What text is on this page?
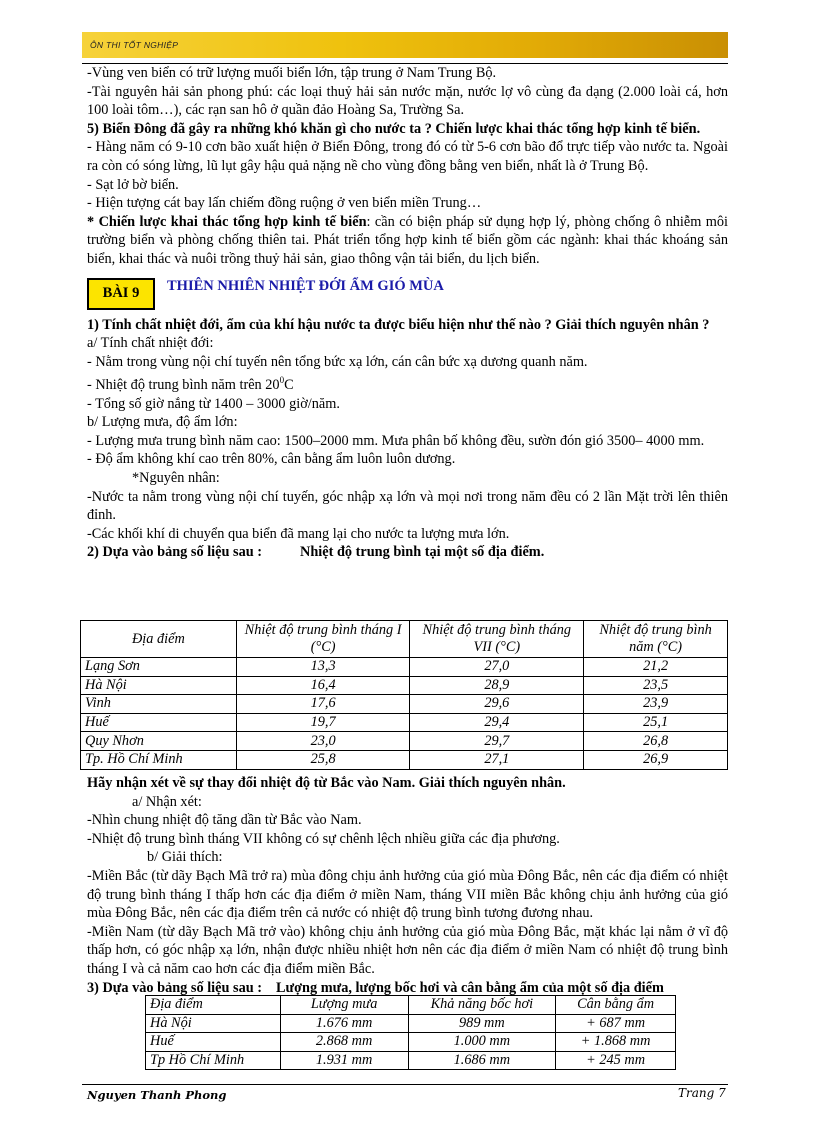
ÔN THI TỐT NGHIỆP

-Vùng ven biển có trữ lượng muối biển lớn, tập trung ở Nam Trung Bộ.

-Tài nguyên hải sản phong phú: các loại thuỷ hải sản nước mặn, nước lợ vô cùng đa dạng (2.000 loài cá, hơn 100 loài tôm…), các rạn san hô ở quần đảo Hoàng Sa, Trường Sa.

5) Biển Đông đã gây ra những khó khăn gì cho nước ta ? Chiến lược khai thác tổng hợp kinh tế biển.

- Hàng năm có 9-10 cơn bão xuất hiện ở Biển Đông, trong đó có từ 5-6 cơn bão đổ trực tiếp vào nước ta. Ngoài ra còn có sóng lừng, lũ lụt gây hậu quả nặng nề cho vùng đồng bằng ven biển, nhất là ở Trung Bộ.

- Sạt lở bờ biển.

- Hiện tượng cát bay lấn chiếm đồng ruộng ở ven biển miền Trung…

* Chiến lược khai thác tổng hợp kinh tế biển: cần có biện pháp sử dụng hợp lý, phòng chống ô nhiễm môi trường biển và phòng chống thiên tai. Phát triển tổng hợp kinh tế biển gồm các ngành: khai thác khoáng sản biển, khai thác và nuôi trồng thuỷ hải sản, giao thông vận tải biển, du lịch biển.

BÀI 9	THIÊN NHIÊN NHIỆT ĐỚI ẨM GIÓ MÙA

1) Tính chất nhiệt đới, ẩm của khí hậu nước ta được biểu hiện như thế nào ? Giải thích nguyên nhân ?

a/ Tính chất nhiệt đới:

- Nằm trong vùng nội chí tuyến nên tổng bức xạ lớn, cán cân bức xạ dương quanh năm.

- Nhiệt độ trung bình năm trên $20^0C$

- Tổng số giờ nắng từ 1400 – 3000 giờ/năm.

b/ Lượng mưa, độ ẩm lớn:

- Lượng mưa trung bình năm cao: 1500–2000 mm. Mưa phân bố không đều, sườn đón gió 3500– 4000 mm.

- Độ ẩm không khí cao trên 80%, cân bằng ẩm luôn luôn dương.

*Nguyên nhân:

-Nước ta nằm trong vùng nội chí tuyến, góc nhập xạ lớn và mọi nơi trong năm đều có 2 lần Mặt trời lên thiên đỉnh.

-Các khối khí di chuyển qua biển đã mang lại cho nước ta lượng mưa lớn.

2) Dựa vào bảng số liệu sau :	Nhiệt độ trung bình tại một số địa điểm.

Địa điểm	Nhiệt độ trung bình tháng I (°C)	Nhiệt độ trung bình tháng VII (°C)	Nhiệt độ trung bình năm (°C)
Lạng Sơn	13,3	27,0	21,2
Hà Nội	16,4	28,9	23,5
Vinh	17,6	29,6	23,9
Huế	19,7	29,4	25,1
Quy Nhơn	23,0	29,7	26,8
Tp. Hồ Chí Minh	25,8	27,1	26,9

Hãy nhận xét về sự thay đổi nhiệt độ từ Bắc vào Nam. Giải thích nguyên nhân.

a/ Nhận xét:

-Nhìn chung nhiệt độ tăng dần từ Bắc vào Nam.

-Nhiệt độ trung bình tháng VII không có sự chênh lệch nhiều giữa các địa phương.

b/ Giải thích:

-Miền Bắc (từ dãy Bạch Mã trở ra) mùa đông chịu ảnh hưởng của gió mùa Đông Bắc, nên các địa điểm có nhiệt độ trung bình tháng I thấp hơn các địa điểm ở miền Nam, tháng VII miền Bắc không chịu ảnh hưởng của gió mùa Đông Bắc, nên các địa điểm trên cả nước có nhiệt độ trung bình tương đương nhau.

-Miền Nam (từ dãy Bạch Mã trở vào) không chịu ảnh hưởng của gió mùa Đông Bắc, mặt khác lại nằm ở vĩ độ thấp hơn, có góc nhập xạ lớn, nhận được nhiều nhiệt hơn nên các địa điểm ở miền Nam có nhiệt độ trung bình tháng I và cả năm cao hơn các địa điểm miền Bắc.

3) Dựa vào bảng số liệu sau : Lượng mưa, lượng bốc hơi và cân bằng ẩm của một số địa điểm

Địa điểm	Lượng mưa	Khả năng bốc hơi	Cân bằng ẩm
Hà Nội	1.676 mm	989 mm	+ 687 mm
Huế	2.868 mm	1.000 mm	+ 1.868 mm
Tp Hồ Chí Minh	1.931 mm	1.686 mm	+ 245 mm
Nguyen Thanh Phong	Trang 7
